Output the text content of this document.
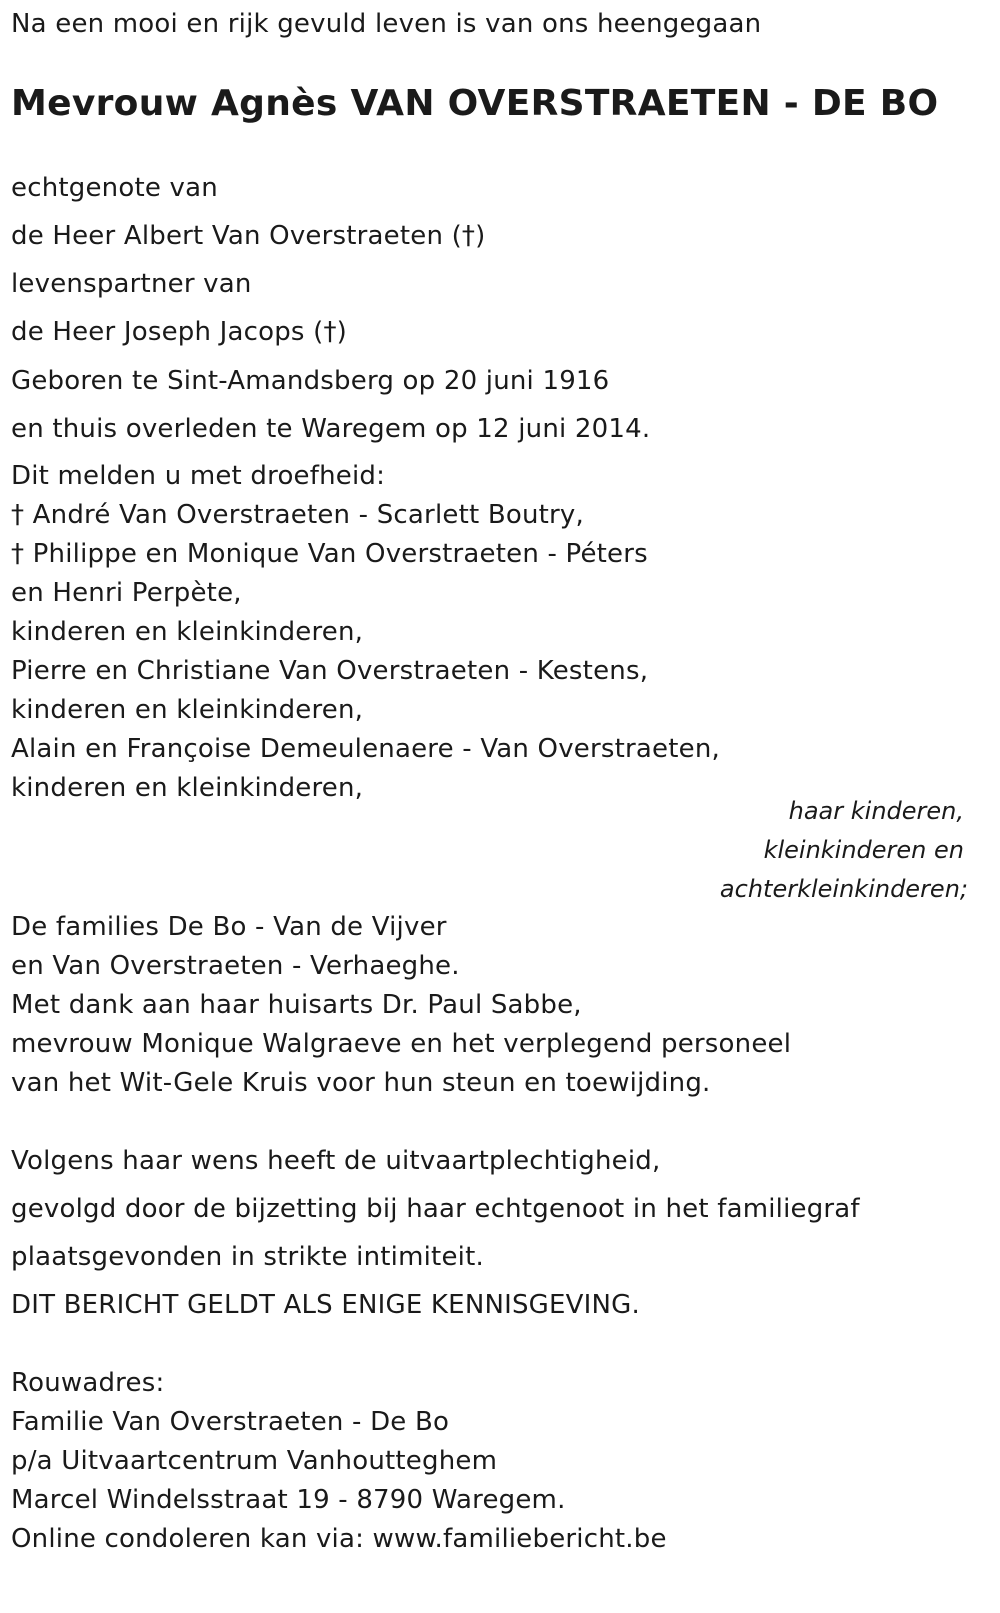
Na een mooi en rijk gevuld leven is van ons heengegaan
Mevrouw Agnès VAN OVERSTRAETEN - DE BO
echtgenote van
de Heer Albert Van Overstraeten (†)
levenspartner van
de Heer Joseph Jacops (†)
Geboren te Sint-Amandsberg op 20 juni 1916
en thuis overleden te Waregem op 12 juni 2014.
Dit melden u met droefheid:
† André Van Overstraeten - Scarlett Boutry,
† Philippe en Monique Van Overstraeten - Péters
en Henri Perpète,
kinderen en kleinkinderen,
Pierre en Christiane Van Overstraeten - Kestens,
kinderen en kleinkinderen,
Alain en Françoise Demeulenaere - Van Overstraeten,
kinderen en kleinkinderen,
haar kinderen,
kleinkinderen en
achterkleinkinderen;
De families De Bo - Van de Vijver
en Van Overstraeten - Verhaeghe.
Met dank aan haar huisarts Dr. Paul Sabbe,
mevrouw Monique Walgraeve en het verplegend personeel
van het Wit-Gele Kruis voor hun steun en toewijding.
Volgens haar wens heeft de uitvaartplechtigheid,
gevolgd door de bijzetting bij haar echtgenoot in het familiegraf
plaatsgevonden in strikte intimiteit.
DIT BERICHT GELDT ALS ENIGE KENNISGEVING.
Rouwadres:
Familie Van Overstraeten - De Bo
p/a Uitvaartcentrum Vanhoutteghem
Marcel Windelsstraat 19 - 8790 Waregem.
Online condoleren kan via: www.familiebericht.be
